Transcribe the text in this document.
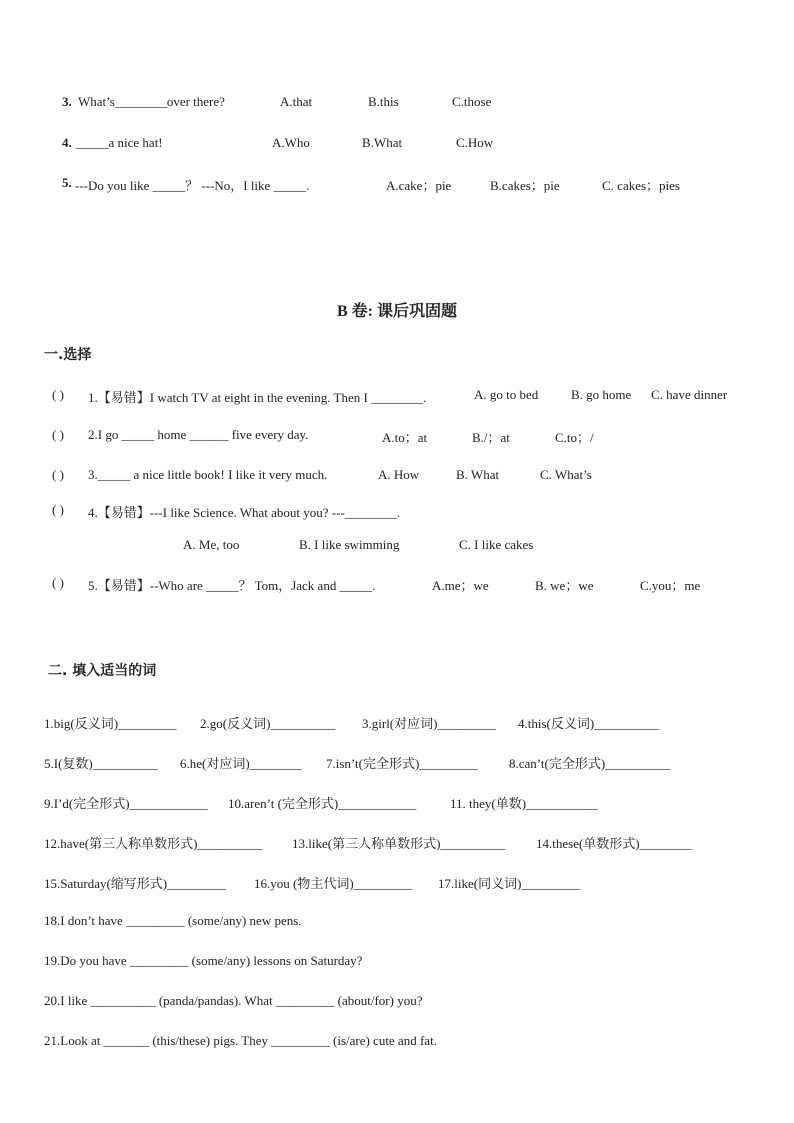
3. What’s________over there?	A.that	B.this	C.those
4. _____a nice hat!	A.Who	B.What	C.How
5. ---Do you like _____？ ---No，I like _____.	A.cake；pie	B.cakes；pie	C. cakes；pies
B 卷: 课后巩固题
一.选择
( ) 1.【易错】I watch TV at eight in the evening. Then I ________.	A. go to bed	B. go home C. have dinner
( ) 2.I go _____ home ______ five every day.	A.to；at	B./；at	C.to；/
( ) 3._____ a nice little book! I like it very much.	A. How	B. What	C. What’s
( ) 4.【易错】---I like Science. What about you? ---________.
A. Me, too	B. I like swimming	C. I like cakes
( ) 5.【易错】--Who are _____？ Tom，Jack and _____.	A.me；we	B. we；we	C.you；me
二. 填入适当的词
1.big(反义词)_________ 2.go(反义词)__________ 3.girl(对应词)_________ 4.this(反义词)__________
5.I(复数)__________ 6.he(对应词)________ 7.isn’t(完全形式)_________ 8.can’t(完全形式)__________
9.I’d(完全形式)____________ 10.aren’t (完全形式)____________	11. they(单数)___________
12.have(第三人称单数形式)__________ 13.like(第三人称单数形式)__________ 14.these(单数形式)________
15.Saturday(缩写形式)_________ 16.you (物主代词)_________ 17.like(同义词)_________
18.I don’t have _________ (some/any) new pens.
19.Do you have _________ (some/any) lessons on Saturday?
20.I like __________ (panda/pandas). What _________ (about/for) you?
21.Look at _______ (this/these) pigs. They _________ (is/are) cute and fat.
